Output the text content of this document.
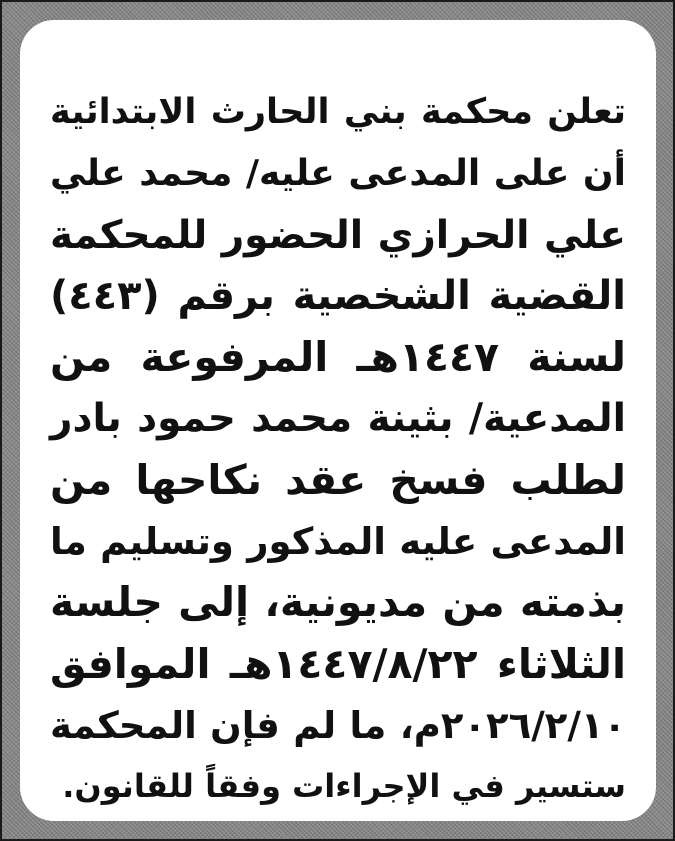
تعلن محكمة بني الحارث الابتدائية
أن على المدعى عليه/ محمد علي
علي الحرازي الحضور للمحكمة
القضية الشخصية برقم (٤٤٣)
لسنة ١٤٤٧هـ المرفوعة من
المدعية/ بثينة محمد حمود بادر
لطلب فسخ عقد نكاحها من
المدعى عليه المذكور وتسليم ما
بذمته من مديونية، إلى جلسة
الثلاثاء ١٤٤٧/٨/٢٢هـ الموافق
٢٠٢٦/٢/١٠م، ما لم فإن المحكمة
ستسير في الإجراءات وفقاً للقانون.
